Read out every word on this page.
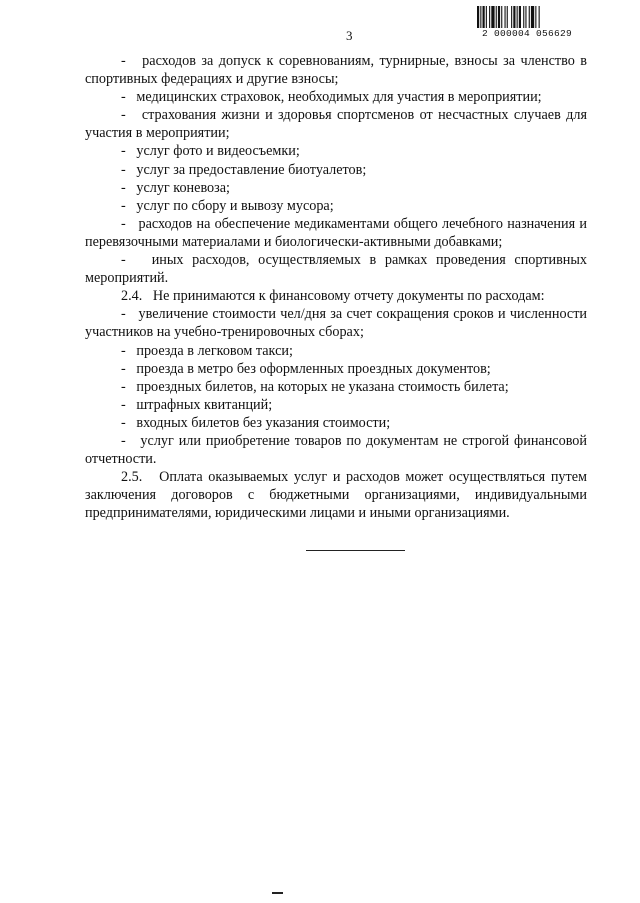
3	2 000004 056629

-   расходов за допуск к соревнованиям, турнирные, взносы за членство в спортивных федерациях и другие взносы;

-   медицинских страховок, необходимых для участия в мероприятии;

-   страхования жизни и здоровья спортсменов от несчастных случаев для участия в мероприятии;

-   услуг фото и видеосъемки;

-   услуг за предоставление биотуалетов;

-   услуг коневоза;

-   услуг по сбору и вывозу мусора;

-   расходов на обеспечение медикаментами общего лечебного назначения и перевязочными материалами и биологически-активными добавками;

-   иных расходов, осуществляемых в рамках проведения спортивных мероприятий.

2.4.   Не принимаются к финансовому отчету документы по расходам:

-   увеличение стоимости чел/дня за счет сокращения сроков и численности участников на учебно-тренировочных сборах;

-   проезда в легковом такси;

-   проезда в метро без оформленных проездных документов;

-   проездных билетов, на которых не указана стоимость билета;

-   штрафных квитанций;

-   входных билетов без указания стоимости;

-   услуг или приобретение товаров по документам не строгой финансовой отчетности.

2.5.   Оплата оказываемых услуг и расходов может осуществляться путем заключения договоров с бюджетными организациями, индивидуальными предпринимателями, юридическими лицами и иными организациями.
